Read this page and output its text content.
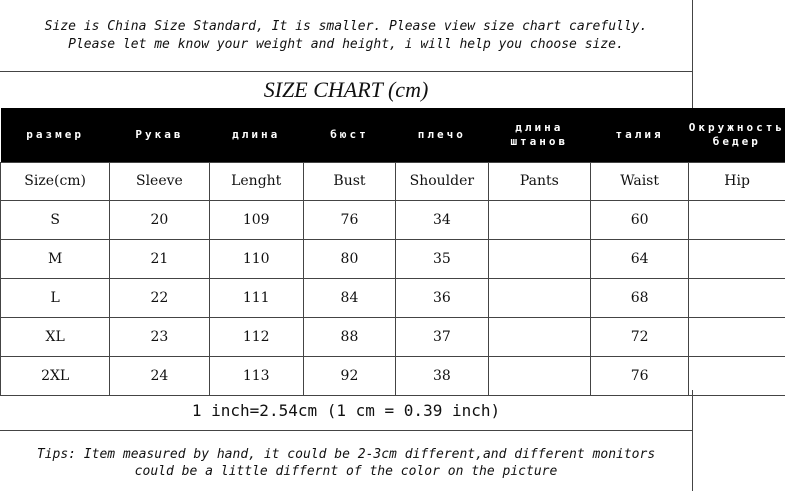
Size is China Size Standard, It is smaller. Please view size chart carefully.
Please let me know your weight and height, i will help you choose size.
SIZE CHART (cm)
размер	Рукав	длина	бюст	плечо	длина штанов	талия	Окружность бедер
Size(cm)	Sleeve	Lenght	Bust	Shoulder	Pants	Waist	Hip
S	20	109	76	34		60	
M	21	110	80	35		64	
L	22	111	84	36		68	
XL	23	112	88	37		72	
2XL	24	113	92	38		76	
1 inch=2.54cm (1 cm = 0.39 inch)
Tips: Item measured by hand, it could be 2-3cm different,and different monitors
could be a little differnt of the color on the picture
